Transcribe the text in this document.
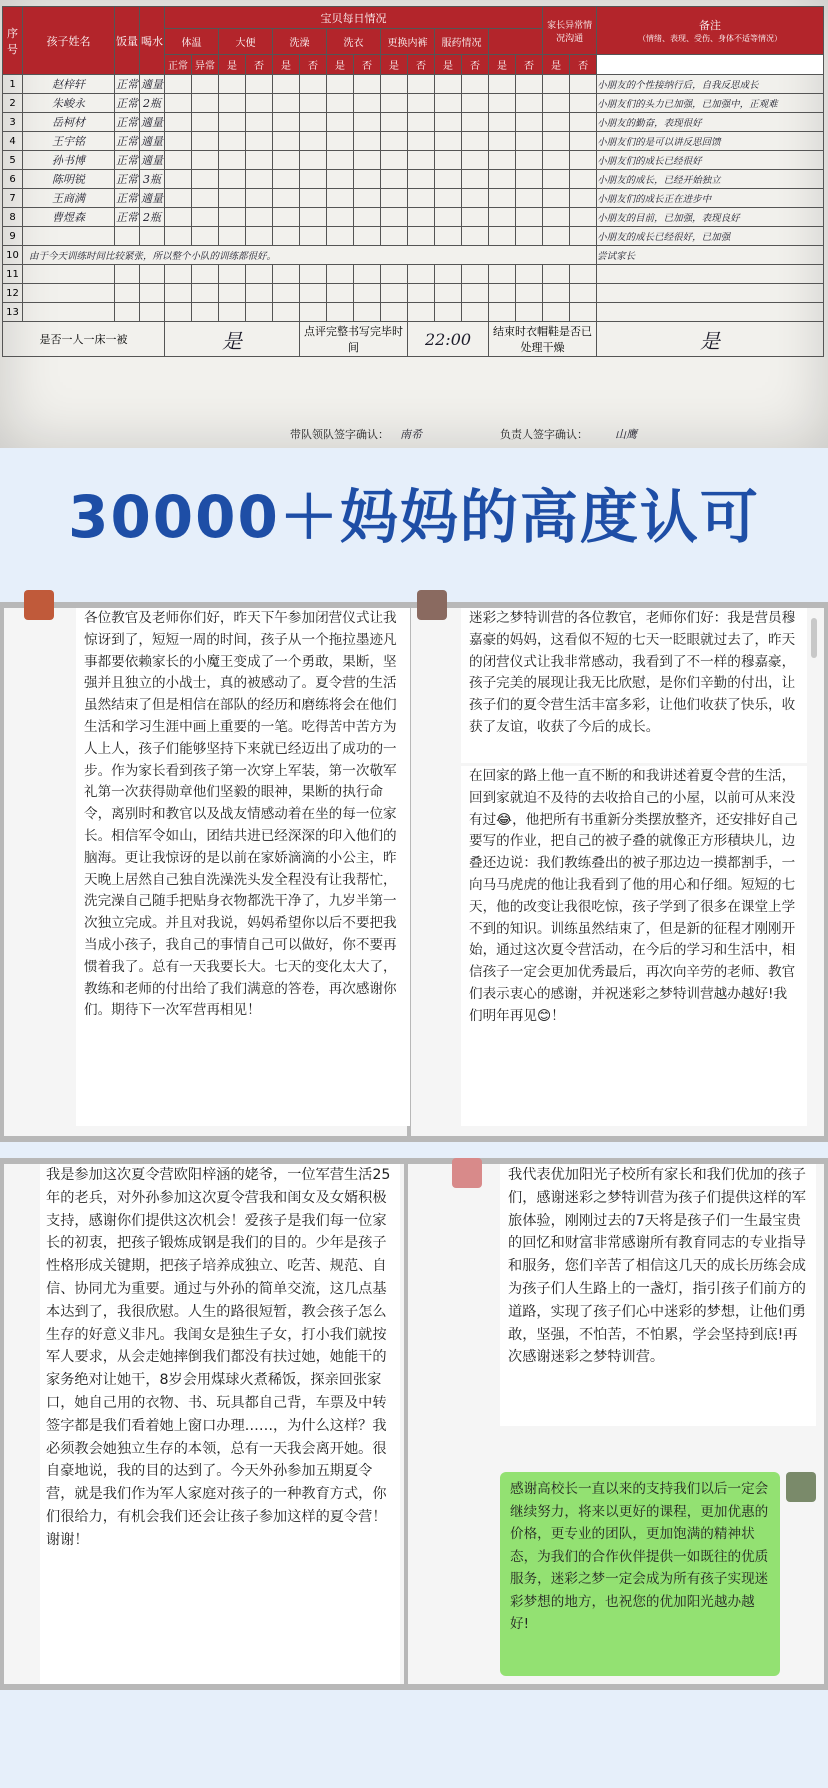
序号	孩子姓名	饭量	喝水	宝贝每日情况														家长异常情况沟通		备注
（情绪、表现、受伤、身体不适等情况）

				体温		大便		洗澡		洗衣		更换内裤		服药情况						
				正常	异常	是	否	是	否	是	否	是	否	是	否	是	否	是	否	
1	赵梓轩	正常	適量																	小朋友的个性接纳行后，自我反思成长
2	朱峻永	正常	2瓶																	小朋友们的头力已加强，已加强中，正观难
3	岳柯材	正常	適量																	小朋友的勤奋，表现很好
4	王宇铭	正常	適量																	小朋友们的是可以讲反思回馈
5	孙书博	正常	適量																	小朋友们的成长已经很好
6	陈明锐	正常	3瓶																	小朋友的成长，已经开始独立
7	王商满	正常	適量																	小朋友们的成长正在进步中
8	曹煜森	正常	2瓶																	小朋友的目前，已加强，表现良好
9																				小朋友的成长已经很好，已加强
10	由于今天训练时间比较紧张，所以整个小队的训练都很好。																			尝试家长
11																				
12																				
13																				
是否一人一床一被				是					点评完整书写完毕时间				22:00			结束时衣帽鞋是否已处理干燥				是
带队领队签字确认： 南希	负责人签字确认： 山鹰
30000＋妈妈的高度认可
各位教官及老师你们好，昨天下午参加闭营仪式让我惊讶到了，短短一周的时间，孩子从一个拖拉墨迹凡事都要依赖家长的小魔王变成了一个勇敢，果断，坚强并且独立的小战士，真的被感动了。夏令营的生活虽然结束了但是相信在部队的经历和磨练将会在他们生活和学习生涯中画上重要的一笔。吃得苦中苦方为人上人，孩子们能够坚持下来就已经迈出了成功的一步。作为家长看到孩子第一次穿上军装，第一次敬军礼第一次获得勋章他们坚毅的眼神，果断的执行命令，离别时和教官以及战友情感动着在坐的每一位家长。相信军令如山，团结共进已经深深的印入他们的脑海。更让我惊讶的是以前在家娇滴滴的小公主，昨天晚上居然自己独自洗澡洗头发全程没有让我帮忙，洗完澡自己随手把贴身衣物都洗干净了，九岁半第一次独立完成。并且对我说，妈妈希望你以后不要把我当成小孩子，我自己的事情自己可以做好，你不要再惯着我了。总有一天我要长大。七天的变化太大了，教练和老师的付出给了我们满意的答卷，再次感谢你们。期待下一次军营再相见！
迷彩之梦特训营的各位教官，老师你们好：我是营员穆嘉豪的妈妈，这看似不短的七天一眨眼就过去了，昨天的闭营仪式让我非常感动，我看到了不一样的穆嘉豪，孩子完美的展现让我无比欣慰，是你们辛勤的付出，让孩子们的夏令营生活丰富多彩，让他们收获了快乐，收获了友谊，收获了今后的成长。
在回家的路上他一直不断的和我讲述着夏令营的生活，回到家就迫不及待的去收拾自己的小屋，以前可从来没有过😂，他把所有书重新分类摆放整齐，还安排好自己要写的作业，把自己的被子叠的就像正方形積块儿，边叠还边说：我们教练叠出的被子那边边一摸都割手，一向马马虎虎的他让我看到了他的用心和仔细。短短的七天，他的改变让我很吃惊，孩子学到了很多在课堂上学不到的知识。训练虽然结束了，但是新的征程才刚刚开始，通过这次夏令营活动，在今后的学习和生活中，相信孩子一定会更加优秀最后，再次向辛劳的老师、教官们表示衷心的感谢，并祝迷彩之梦特训营越办越好!我们明年再见😊！
我是参加这次夏令营欧阳梓涵的姥爷，一位军营生活25年的老兵，对外孙参加这次夏令营我和闺女及女婿积极支持，感谢你们提供这次机会！爱孩子是我们每一位家长的初衷，把孩子锻炼成钢是我们的目的。少年是孩子性格形成关键期，把孩子培养成独立、吃苦、规范、自信、协同尤为重要。通过与外孙的简单交流，这几点基本达到了，我很欣慰。人生的路很短暂，教会孩子怎么生存的好意义非凡。我闺女是独生子女，打小我们就按军人要求，从会走她摔倒我们都没有扶过她，她能干的家务绝对让她干，8岁会用煤球火煮稀饭，探亲回张家口，她自己用的衣物、书、玩具都自己背，车票及中转签字都是我们看着她上窗口办理……，为什么这样？我必须教会她独立生存的本领，总有一天我会离开她。很自豪地说，我的目的达到了。今天外孙参加五期夏令营，就是我们作为军人家庭对孩子的一种教育方式，你们很给力，有机会我们还会让孩子参加这样的夏令营！谢谢！
我代表优加阳光子校所有家长和我们优加的孩子们，感谢迷彩之梦特训营为孩子们提供这样的军旅体验，刚刚过去的7天将是孩子们一生最宝贵的回忆和财富非常感谢所有教育同志的专业指导和服务，您们辛苦了相信这几天的成长历练会成为孩子们人生路上的一盏灯，指引孩子们前方的道路，实现了孩子们心中迷彩的梦想，让他们勇敢，坚强，不怕苦，不怕累，学会坚持到底!再次感谢迷彩之梦特训营。
感谢高校长一直以来的支持我们以后一定会继续努力，将来以更好的课程，更加优惠的价格，更专业的团队，更加饱满的精神状态，为我们的合作伙伴提供一如既往的优质服务，迷彩之梦一定会成为所有孩子实现迷彩梦想的地方，也祝您的优加阳光越办越好!
